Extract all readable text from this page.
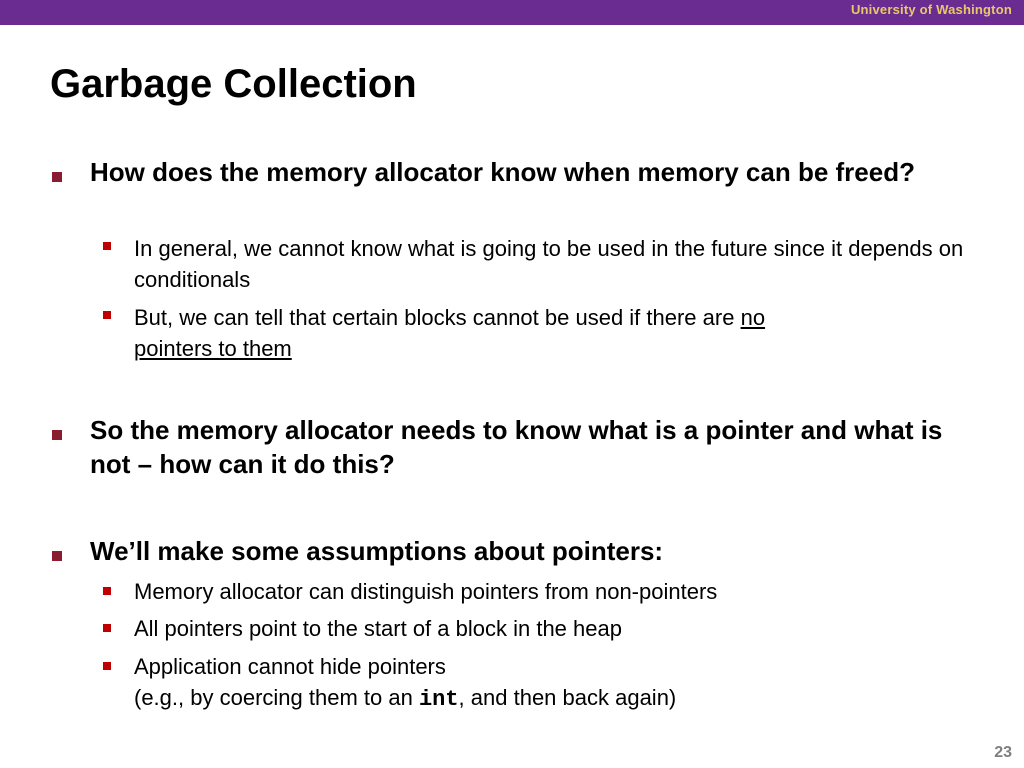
University of Washington
Garbage Collection
How does the memory allocator know when memory can be freed?
In general, we cannot know what is going to be used in the future since it depends on conditionals
But, we can tell that certain blocks cannot be used if there are no
pointers to them
So the memory allocator needs to know what is a pointer and what is not – how can it do this?
We’ll make some assumptions about pointers:
Memory allocator can distinguish pointers from non-pointers
All pointers point to the start of a block in the heap
Application cannot hide pointers
(e.g., by coercing them to an int, and then back again)
23
